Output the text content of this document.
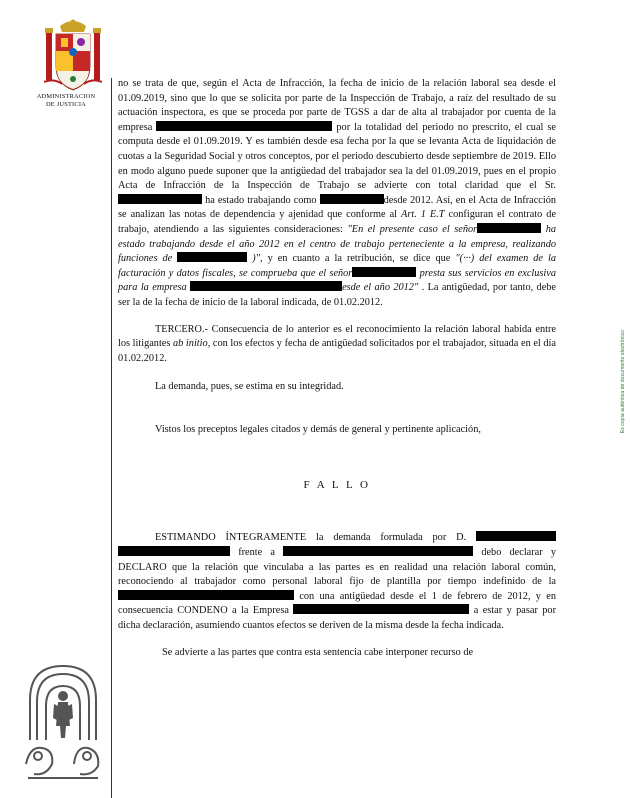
ADMINISTRACION
DE JUSTICIA
Es copia auténtica de documento electrónico

no se trata de que, según el Acta de Infracción, la fecha de inicio de la relación laboral sea desde el 01.09.2019, sino que lo que se solicita por parte de la Inspección de Trabajo, a raíz del resultado de su actuación inspectora, es que se proceda por parte de TGSS a dar de alta al trabajador por cuenta de la empresa	por la totalidad del periodo no prescrito, el cual se computa desde el 01.09.2019. Y es también desde esa fecha por la que se levanta Acta de liquidación de cuotas a la Seguridad Social y otros conceptos, por el periodo descubierto desde septiembre de 2019. Ello en modo alguno puede suponer que la antigüedad del trabajador sea la del 01.09.2019, pues en el propio Acta de Infracción de la Inspección de Trabajo se advierte con total claridad que el Sr.  ha estado trabajando como	desde 2012. Así, en el Acta de Infracción se analizan las notas de dependencia y ajenidad que conforme al Art. 1 E.T configuran el contrato de trabajo, atendiendo a las siguientes consideraciones: "En el presente caso el señor	ha estado trabajando desde el año 2012 en el centro de trabajo perteneciente a la empresa, realizando funciones de	)", y en cuanto a la retribución, se dice que "(···) del examen de la facturación y datos fiscales, se comprueba que el señor	presta sus servicios en exclusiva para la empresa	esde el año 2012" . La antigüedad, por tanto, debe ser la de la fecha de inicio de la laboral indicada, de 01.02.2012.

TERCERO.- Consecuencia de lo anterior es el reconocimiento la relación laboral habida entre los litigantes ab initio, con los efectos y fecha de antigüedad solicitados por el trabajador, situada en el día 01.02.2012.

La demanda, pues, se estima en su integridad.

Vistos los preceptos legales citados y demás de general y pertinente aplicación,

F A L L O

ESTIMANDO ÍNTEGRAMENTE la demanda formulada por D.   frente a	debo declarar y DECLARO que la relación que vinculaba a las partes es en realidad una relación laboral común, reconociendo al trabajador como personal laboral fijo de plantilla por tiempo indefinido de la  con una antigüedad desde el 1 de febrero de 2012, y en consecuencia CONDENO a la Empresa	a estar y pasar por dicha declaración, asumiendo cuantos efectos se deriven de la misma desde la fecha indicada.

Se advierte a las partes que contra esta sentencia cabe interponer recurso de
